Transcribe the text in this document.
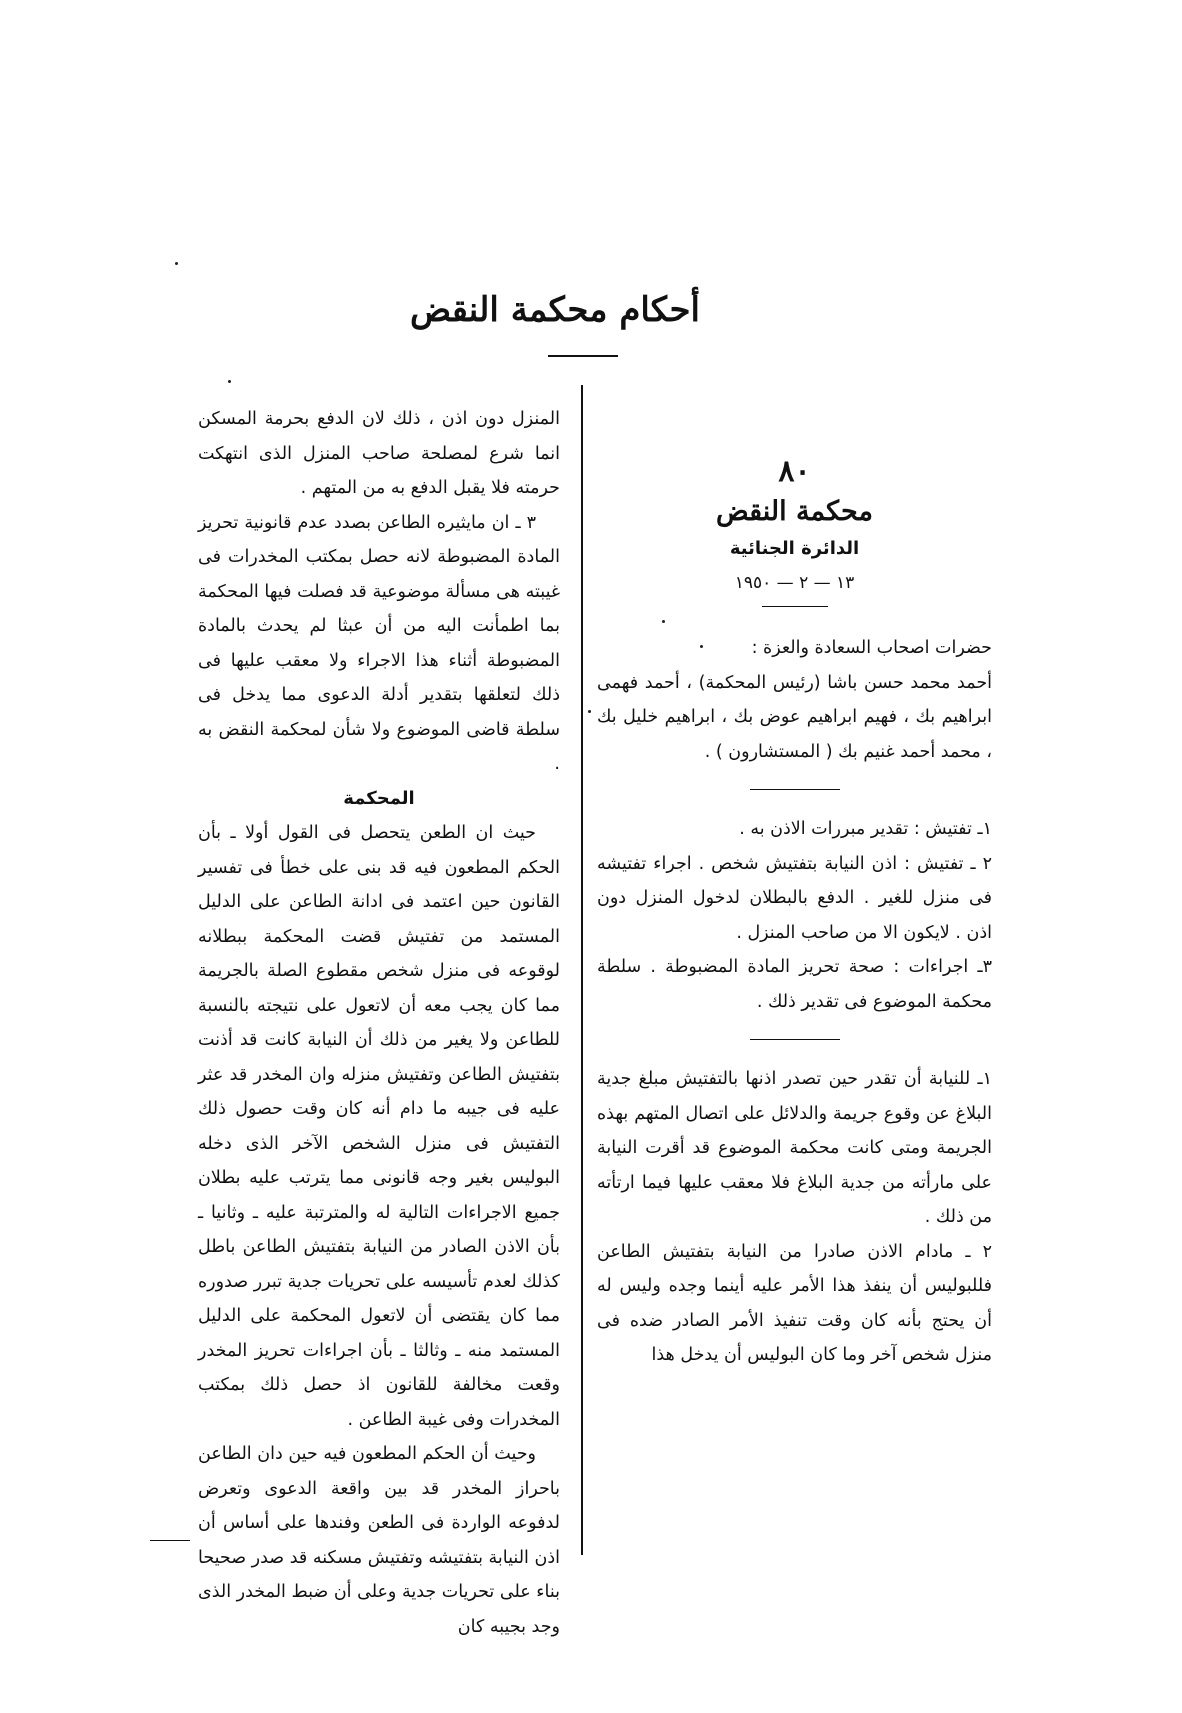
أحكام محكمة النقض

٨٠

محكمة النقض

الدائرة الجنائية

١٣ — ٢ — ١٩٥٠

حضرات اصحاب السعادة والعزة :

أحمد محمد حسن باشا (رئيس المحكمة) ، أحمد فهمى ابراهيم بك ، فهيم ابراهيم عوض بك ، ابراهيم خليل بك ، محمد أحمد غنيم بك ( المستشارون ) .

١ـ تفتيش : تقدير مبررات الاذن به .

٢ ـ تفتيش : اذن النيابة بتفتيش شخص . اجراء تفتيشه فى منزل للغير . الدفع بالبطلان لدخول المنزل دون اذن . لايكون الا من صاحب المنزل .

٣ـ اجراءات : صحة تحريز المادة المضبوطة . سلطة محكمة الموضوع فى تقدير ذلك .

١ـ للنيابة أن تقدر حين تصدر اذنها بالتفتيش مبلغ جدية البلاغ عن وقوع جريمة والدلائل على اتصال المتهم بهذه الجريمة ومتى كانت محكمة الموضوع قد أقرت النيابة على مارأته من جدية البلاغ فلا معقب عليها فيما ارتأته من ذلك .

٢ ـ مادام الاذن صادرا من النيابة بتفتيش الطاعن فللبوليس أن ينفذ هذا الأمر عليه أينما وجده وليس له أن يحتج بأنه كان وقت تنفيذ الأمر الصادر ضده فى منزل شخص آخر وما كان البوليس أن يدخل هذا

المنزل دون اذن ، ذلك لان الدفع بحرمة المسكن انما شرع لمصلحة صاحب المنزل الذى انتهكت حرمته فلا يقبل الدفع به من المتهم .

٣ ـ ان مايثيره الطاعن بصدد عدم قانونية تحريز المادة المضبوطة لانه حصل بمكتب المخدرات فى غيبته هى مسألة موضوعية قد فصلت فيها المحكمة بما اطمأنت اليه من أن عبثا لم يحدث بالمادة المضبوطة أثناء هذا الاجراء ولا معقب عليها فى ذلك لتعلقها بتقدير أدلة الدعوى مما يدخل فى سلطة قاضى الموضوع ولا شأن لمحكمة النقض به .

المحكمة

حيث ان الطعن يتحصل فى القول أولا ـ بأن الحكم المطعون فيه قد بنى على خطأ فى تفسير القانون حين اعتمد فى ادانة الطاعن على الدليل المستمد من تفتيش قضت المحكمة ببطلانه لوقوعه فى منزل شخص مقطوع الصلة بالجريمة مما كان يجب معه أن لاتعول على نتيجته بالنسبة للطاعن ولا يغير من ذلك أن النيابة كانت قد أذنت بتفتيش الطاعن وتفتيش منزله وان المخدر قد عثر عليه فى جيبه ما دام أنه كان وقت حصول ذلك التفتيش فى منزل الشخص الآخر الذى دخله البوليس بغير وجه قانونى مما يترتب عليه بطلان جميع الاجراءات التالية له والمترتبة عليه ـ وثانيا ـ بأن الاذن الصادر من النيابة بتفتيش الطاعن باطل كذلك لعدم تأسيسه على تحريات جدية تبرر صدوره مما كان يقتضى أن لاتعول المحكمة على الدليل المستمد منه ـ وثالثا ـ بأن اجراءات تحريز المخدر وقعت مخالفة للقانون اذ حصل ذلك بمكتب المخدرات وفى غيبة الطاعن .

وحيث أن الحكم المطعون فيه حين دان الطاعن باحراز المخدر قد بين واقعة الدعوى وتعرض لدفوعه الواردة فى الطعن وفندها على أساس أن اذن النيابة بتفتيشه وتفتيش مسكنه قد صدر صحيحا بناء على تحريات جدية وعلى أن ضبط المخدر الذى وجد بجيبه كان
